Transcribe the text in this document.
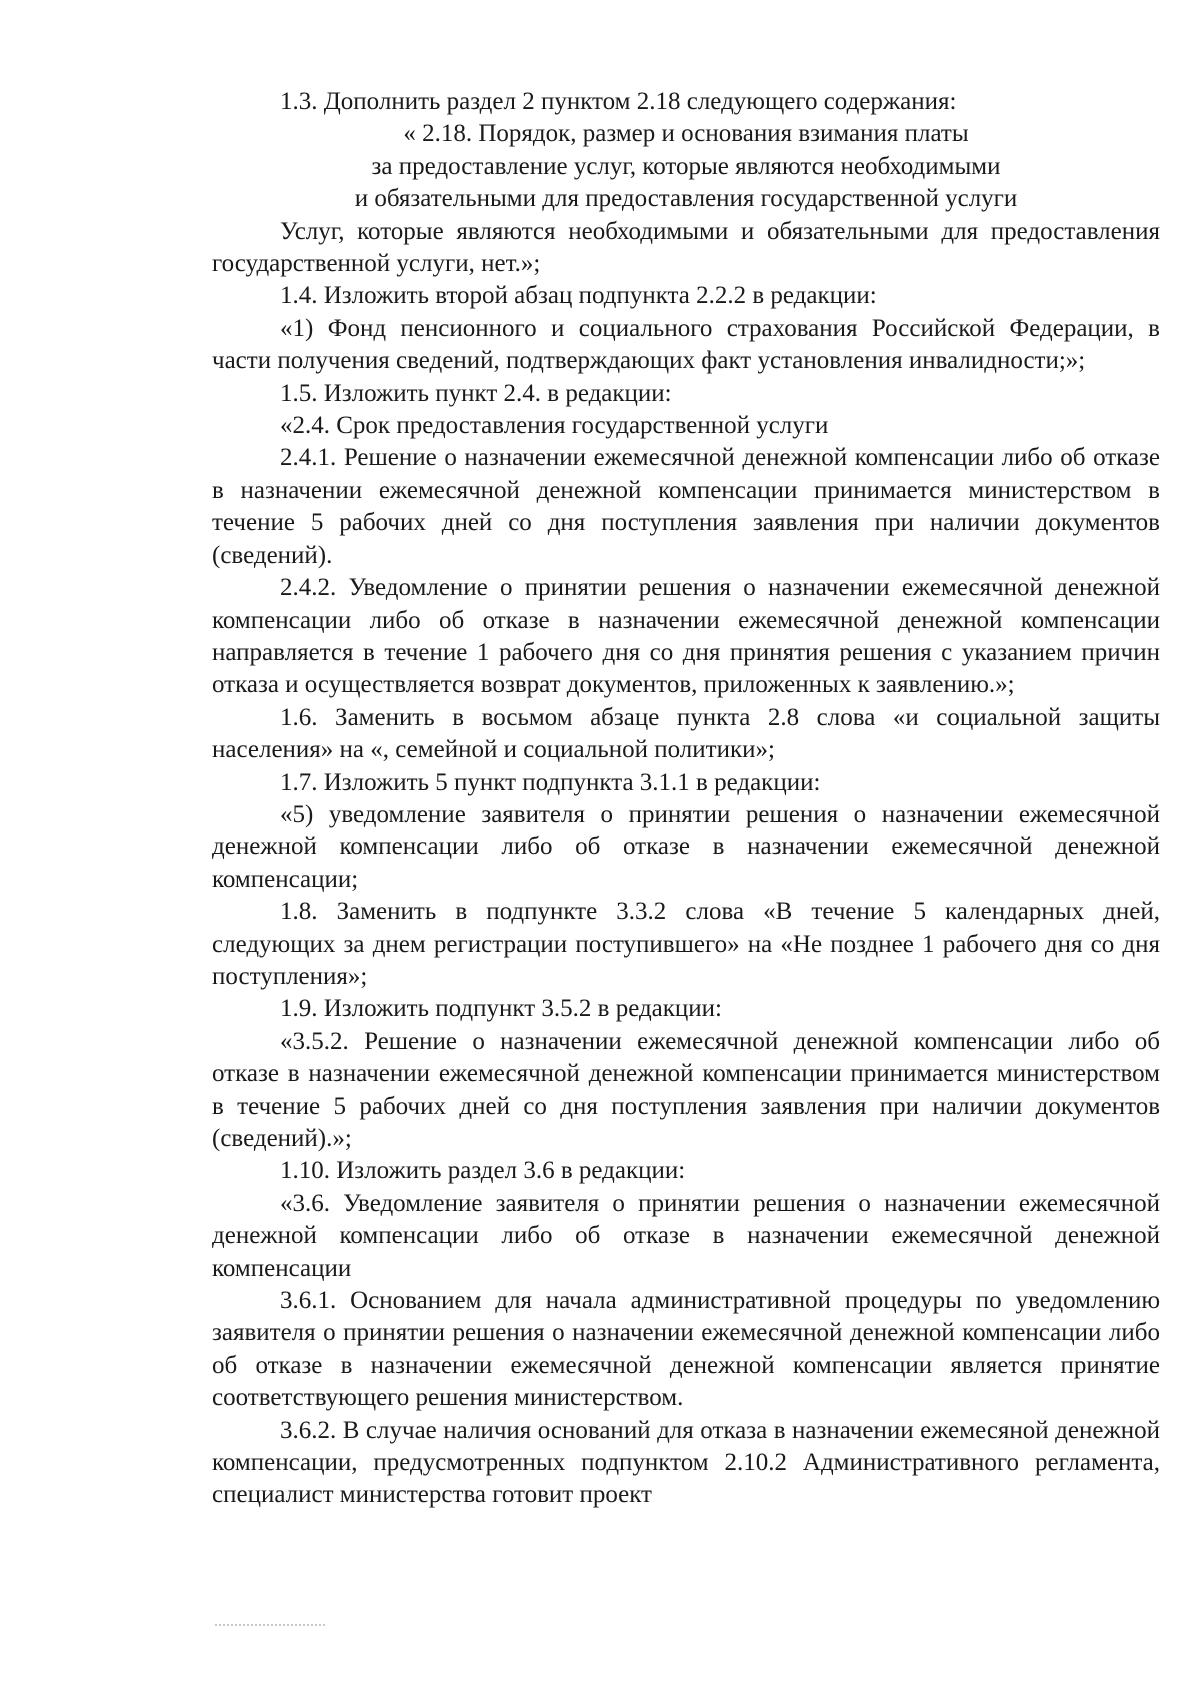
1.3. Дополнить раздел 2 пунктом 2.18 следующего содержания:

« 2.18. Порядок, размер и основания взимания платы
за предоставление услуг, которые являются необходимыми
и обязательными для предоставления государственной услуги

Услуг, которые являются необходимыми и обязательными для предоставления государственной услуги, нет.»;

1.4. Изложить второй абзац подпункта 2.2.2 в редакции:

«1) Фонд пенсионного и социального страхования Российской Федерации, в части получения сведений, подтверждающих факт установления инвалидности;»;

1.5. Изложить пункт 2.4. в редакции:

«2.4. Срок предоставления государственной услуги

2.4.1. Решение о назначении ежемесячной денежной компенсации либо об отказе в назначении ежемесячной денежной компенсации принимается министерством в течение 5 рабочих дней со дня поступления заявления при наличии документов (сведений).

2.4.2. Уведомление о принятии решения о назначении ежемесячной денежной компенсации либо об отказе в назначении ежемесячной денежной компенсации направляется в течение 1 рабочего дня со дня принятия решения с указанием причин отказа и осуществляется возврат документов, приложенных к заявлению.»;

1.6. Заменить в восьмом абзаце пункта 2.8 слова «и социальной защиты населения» на «, семейной и социальной политики»;

1.7. Изложить 5 пункт подпункта 3.1.1 в редакции:

«5) уведомление заявителя о принятии решения о назначении ежемесячной денежной компенсации либо об отказе в назначении ежемесячной денежной компенсации;

1.8. Заменить в подпункте 3.3.2 слова «В течение 5 календарных дней, следующих за днем регистрации поступившего» на «Не позднее 1 рабочего дня со дня поступления»;

1.9. Изложить подпункт 3.5.2 в редакции:

«3.5.2. Решение о назначении ежемесячной денежной компенсации либо об отказе в назначении ежемесячной денежной компенсации принимается министерством в течение 5 рабочих дней со дня поступления заявления при наличии документов (сведений).»;

1.10. Изложить раздел 3.6 в редакции:

«3.6. Уведомление заявителя о принятии решения о назначении ежемесячной денежной компенсации либо об отказе в назначении ежемесячной денежной компенсации

3.6.1. Основанием для начала административной процедуры по уведомлению заявителя о принятии решения о назначении ежемесячной денежной компенсации либо об отказе в назначении ежемесячной денежной компенсации является принятие соответствующего решения министерством.

3.6.2. В случае наличия оснований для отказа в назначении ежемесяной денежной компенсации, предусмотренных подпунктом 2.10.2 Административного регламента, специалист министерства готовит проект
